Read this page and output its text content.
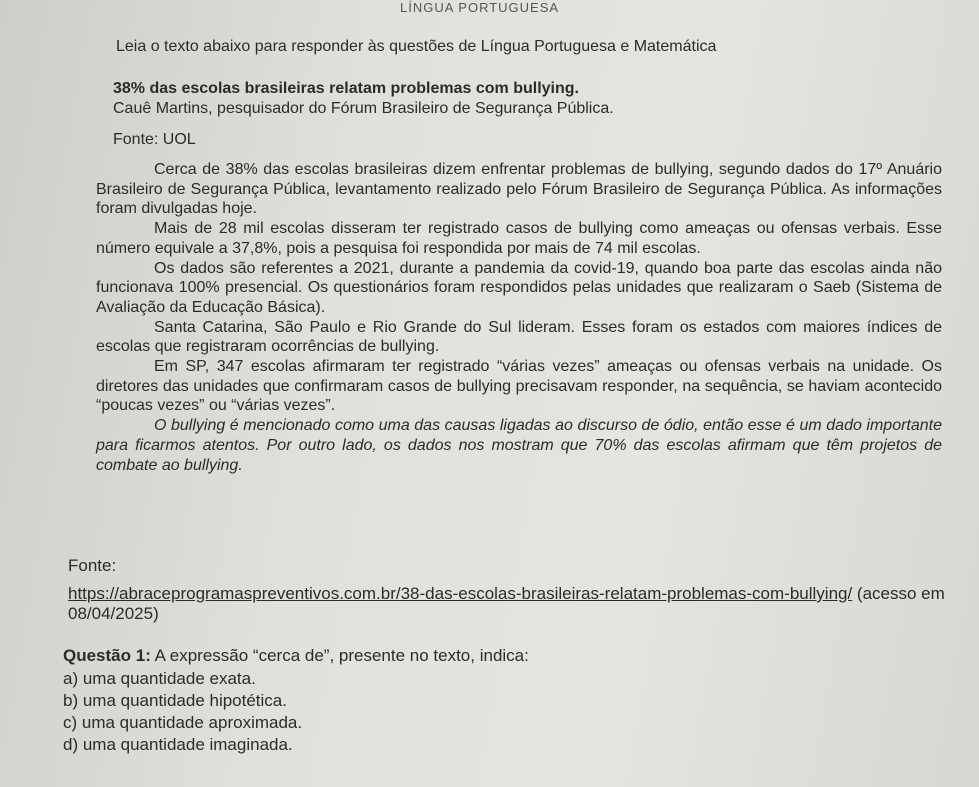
LÍNGUA PORTUGUESA
Leia o texto abaixo para responder às questões de Língua Portuguesa e Matemática
38% das escolas brasileiras relatam problemas com bullying.
Cauê Martins, pesquisador do Fórum Brasileiro de Segurança Pública.
Fonte: UOL

Cerca de 38% das escolas brasileiras dizem enfrentar problemas de bullying, segundo dados do 17º Anuário Brasileiro de Segurança Pública, levantamento realizado pelo Fórum Brasileiro de Segurança Pública. As informações foram divulgadas hoje.

Mais de 28 mil escolas disseram ter registrado casos de bullying como ameaças ou ofensas verbais. Esse número equivale a 37,8%, pois a pesquisa foi respondida por mais de 74 mil escolas.

Os dados são referentes a 2021, durante a pandemia da covid-19, quando boa parte das escolas ainda não funcionava 100% presencial. Os questionários foram respondidos pelas unidades que realizaram o Saeb (Sistema de Avaliação da Educação Básica).

Santa Catarina, São Paulo e Rio Grande do Sul lideram. Esses foram os estados com maiores índices de escolas que registraram ocorrências de bullying.

Em SP, 347 escolas afirmaram ter registrado “várias vezes” ameaças ou ofensas verbais na unidade. Os diretores das unidades que confirmaram casos de bullying precisavam responder, na sequência, se haviam acontecido “poucas vezes” ou “várias vezes”.

O bullying é mencionado como uma das causas ligadas ao discurso de ódio, então esse é um dado importante para ficarmos atentos. Por outro lado, os dados nos mostram que 70% das escolas afirmam que têm projetos de combate ao bullying.

Fonte:
https://abraceprogramaspreventivos.com.br/38-das-escolas-brasileiras-relatam-problemas-com-bullying/ (acesso em 08/04/2025)
Questão 1: A expressão “cerca de”, presente no texto, indica:
a) uma quantidade exata.
b) uma quantidade hipotética.
c) uma quantidade aproximada.
d) uma quantidade imaginada.
